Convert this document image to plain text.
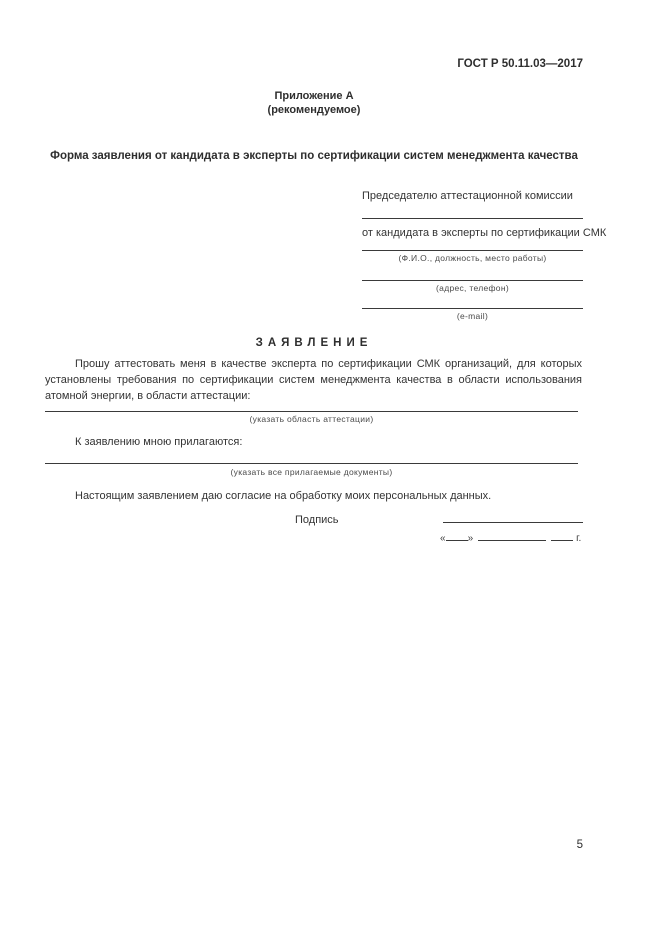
ГОСТ Р 50.11.03—2017
Приложение А
(рекомендуемое)
Форма заявления от кандидата в эксперты по сертификации систем менеджмента качества
Председателю аттестационной комиссии
от кандидата в эксперты по сертификации СМК
(Ф.И.О., должность, место работы)
(адрес, телефон)
(e-mail)
ЗАЯВЛЕНИЕ
Прошу аттестовать меня в качестве эксперта по сертификации СМК организаций, для которых установлены требования по сертификации систем менеджмента качества в области использования атомной энергии, в области аттестации:
(указать область аттестации)
К заявлению мною прилагаются:
(указать все прилагаемые документы)
Настоящим заявлением даю согласие на обработку моих персональных данных.
Подпись
« »	г.
5
